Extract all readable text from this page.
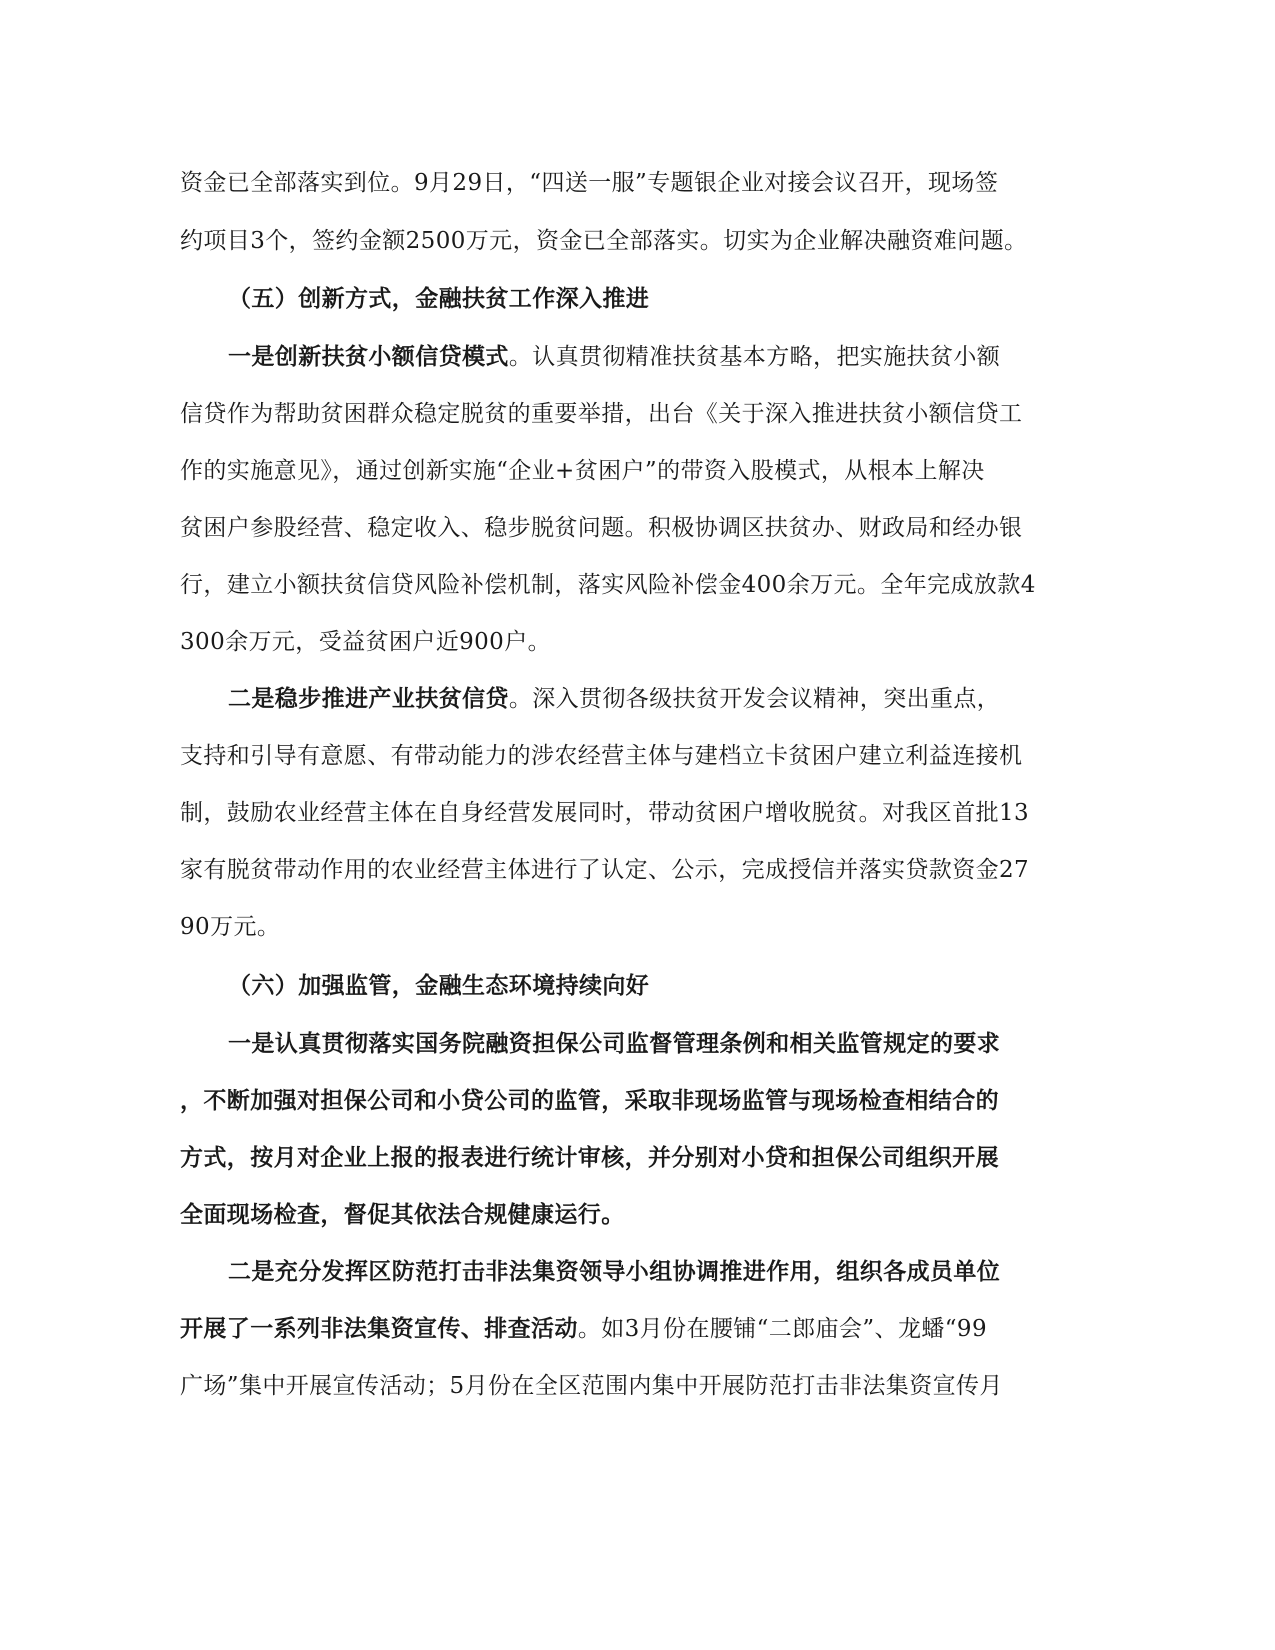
资金已全部落实到位。9月29日，“四送一服”专题银企业对接会议召开，现场签
约项目3个，签约金额2500万元，资金已全部落实。切实为企业解决融资难问题。
（五）创新方式，金融扶贫工作深入推进
一是创新扶贫小额信贷模式。认真贯彻精准扶贫基本方略，把实施扶贫小额
信贷作为帮助贫困群众稳定脱贫的重要举措，出台《关于深入推进扶贫小额信贷工
作的实施意见》，通过创新实施“企业+贫困户”的带资入股模式，从根本上解决
贫困户参股经营、稳定收入、稳步脱贫问题。积极协调区扶贫办、财政局和经办银
行，建立小额扶贫信贷风险补偿机制，落实风险补偿金400余万元。全年完成放款4
300余万元，受益贫困户近900户。
二是稳步推进产业扶贫信贷。深入贯彻各级扶贫开发会议精神，突出重点，
支持和引导有意愿、有带动能力的涉农经营主体与建档立卡贫困户建立利益连接机
制，鼓励农业经营主体在自身经营发展同时，带动贫困户增收脱贫。对我区首批13
家有脱贫带动作用的农业经营主体进行了认定、公示，完成授信并落实贷款资金27
90万元。
（六）加强监管，金融生态环境持续向好
一是认真贯彻落实国务院融资担保公司监督管理条例和相关监管规定的要求
，不断加强对担保公司和小贷公司的监管，采取非现场监管与现场检查相结合的
方式，按月对企业上报的报表进行统计审核，并分别对小贷和担保公司组织开展
全面现场检查，督促其依法合规健康运行。
二是充分发挥区防范打击非法集资领导小组协调推进作用，组织各成员单位
开展了一系列非法集资宣传、排查活动。如3月份在腰铺“二郎庙会”、龙蟠“99
广场”集中开展宣传活动；5月份在全区范围内集中开展防范打击非法集资宣传月
